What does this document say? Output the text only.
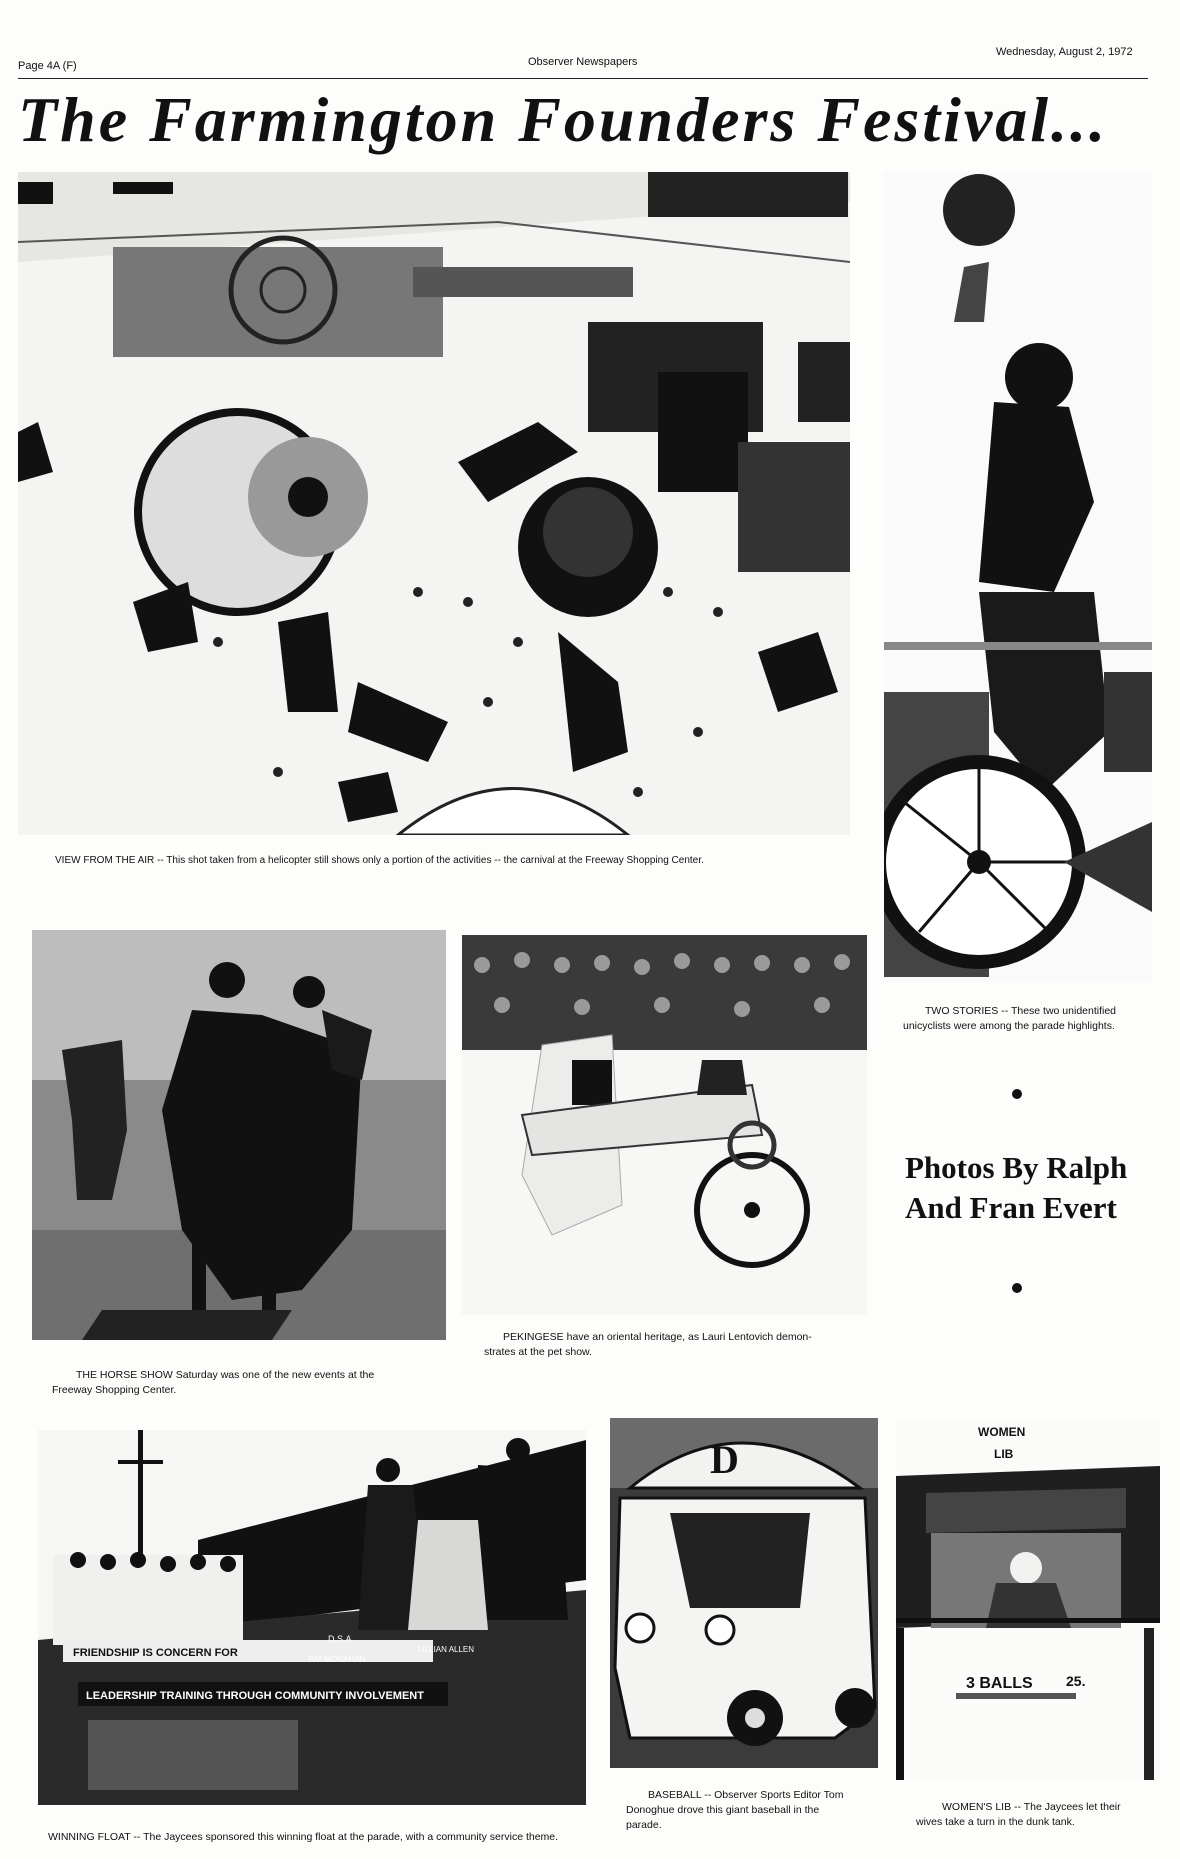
Page 4A (F)	Observer Newspapers
Wednesday, August 2, 1972
The Farmington Founders Festival...
VIEW FROM THE AIR -- This shot taken from a helicopter still shows only a portion of the activities -- the carnival at the Freeway Shopping Center.
TWO STORIES -- These two unidentified
unicyclists were among the parade highlights.
Photos By Ralph
And Fran Evert
THE HORSE SHOW Saturday was one of the new events at the
Freeway Shopping Center.
PEKINGESE have an oriental heritage, as Lauri Lentovich demon-
strates at the pet show.
FRIENDSHIP IS CONCERN FOR
D.S.A.
PAT MONAHAN
LILLIAN ALLEN
LEADERSHIP TRAINING THROUGH COMMUNITY INVOLVEMENT
WINNING FLOAT -- The Jaycees sponsored this winning float at the parade, with a community service theme.
D
BASEBALL -- Observer Sports Editor Tom
Donoghue drove this giant baseball in the
parade.
WOMEN
LIB
3 BALLS 25.
WOMEN'S LIB -- The Jaycees let their
wives take a turn in the dunk tank.
